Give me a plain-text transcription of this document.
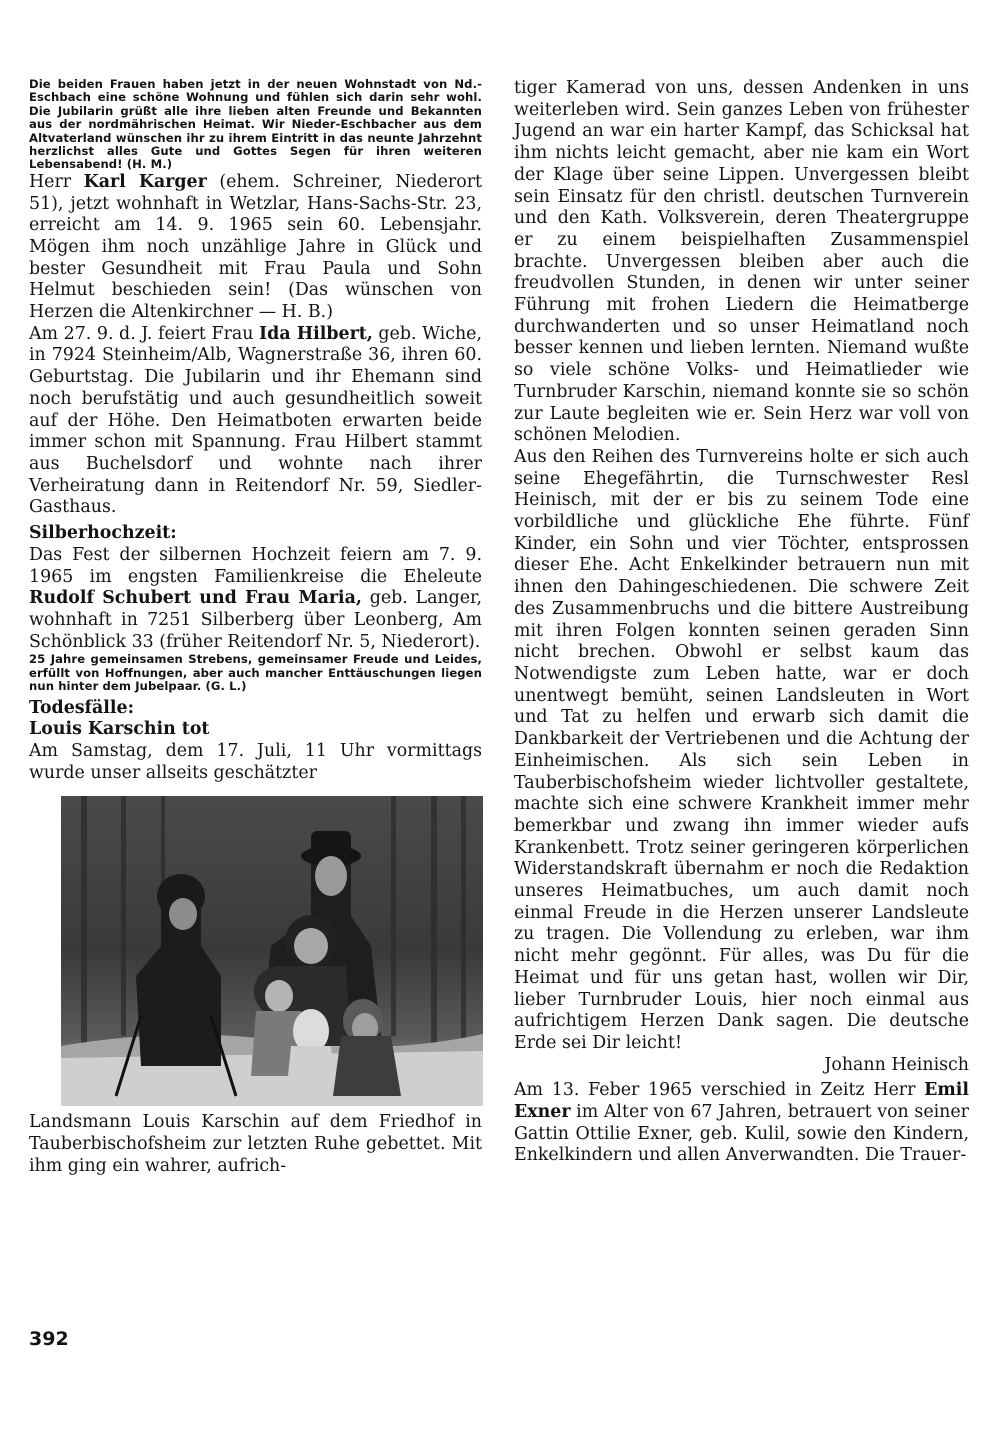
Die beiden Frauen haben jetzt in der neuen Wohnstadt von Nd.-Eschbach eine schöne Wohnung und fühlen sich darin sehr wohl. Die Jubilarin grüßt alle ihre lieben alten Freunde und Bekannten aus der nordmährischen Heimat. Wir Nieder-Eschbacher aus dem Altvaterland wünschen ihr zu ihrem Eintritt in das neunte Jahrzehnt herzlichst alles Gute und Gottes Segen für ihren weiteren Lebensabend! (H. M.)

Herr Karl Karger (ehem. Schreiner, Niederort 51), jetzt wohnhaft in Wetzlar, Hans-Sachs-Str. 23, erreicht am 14. 9. 1965 sein 60. Lebensjahr. Mögen ihm noch unzählige Jahre in Glück und bester Gesundheit mit Frau Paula und Sohn Helmut beschieden sein! (Das wünschen von Herzen die Altenkirchner — H. B.)

Am 27. 9. d. J. feiert Frau Ida Hilbert, geb. Wiche, in 7924 Steinheim/Alb, Wagnerstraße 36, ihren 60. Geburtstag. Die Jubilarin und ihr Ehemann sind noch berufstätig und auch gesundheitlich soweit auf der Höhe. Den Heimatboten erwarten beide immer schon mit Spannung. Frau Hilbert stammt aus Buchelsdorf und wohnte nach ihrer Verheiratung dann in Reitendorf Nr. 59, Siedler-Gasthaus.

Silberhochzeit:

Das Fest der silbernen Hochzeit feiern am 7. 9. 1965 im engsten Familienkreise die Eheleute Rudolf Schubert und Frau Maria, geb. Langer, wohnhaft in 7251 Silberberg über Leonberg, Am Schönblick 33 (früher Reitendorf Nr. 5, Niederort).

25 Jahre gemeinsamen Strebens, gemeinsamer Freude und Leides, erfüllt von Hoffnungen, aber auch mancher Enttäuschungen liegen nun hinter dem Jubelpaar. (G. L.)

Todesfälle:

Louis Karschin tot

Am Samstag, dem 17. Juli, 11 Uhr vormittags wurde unser allseits geschätzter

Landsmann Louis Karschin auf dem Friedhof in Tauberbischofsheim zur letzten Ruhe gebettet. Mit ihm ging ein wahrer, aufrich-

392

tiger Kamerad von uns, dessen Andenken in uns weiterleben wird. Sein ganzes Leben von frühester Jugend an war ein harter Kampf, das Schicksal hat ihm nichts leicht gemacht, aber nie kam ein Wort der Klage über seine Lippen. Unvergessen bleibt sein Einsatz für den christl. deutschen Turnverein und den Kath. Volksverein, deren Theatergruppe er zu einem beispielhaften Zusammenspiel brachte. Unvergessen bleiben aber auch die freudvollen Stunden, in denen wir unter seiner Führung mit frohen Liedern die Heimatberge durchwanderten und so unser Heimatland noch besser kennen und lieben lernten. Niemand wußte so viele schöne Volks- und Heimatlieder wie Turnbruder Karschin, niemand konnte sie so schön zur Laute begleiten wie er. Sein Herz war voll von schönen Melodien.

Aus den Reihen des Turnvereins holte er sich auch seine Ehegefährtin, die Turnschwester Resl Heinisch, mit der er bis zu seinem Tode eine vorbildliche und glückliche Ehe führte. Fünf Kinder, ein Sohn und vier Töchter, entsprossen dieser Ehe. Acht Enkelkinder betrauern nun mit ihnen den Dahingeschiedenen. Die schwere Zeit des Zusammenbruchs und die bittere Austreibung mit ihren Folgen konnten seinen geraden Sinn nicht brechen. Obwohl er selbst kaum das Notwendigste zum Leben hatte, war er doch unentwegt bemüht, seinen Landsleuten in Wort und Tat zu helfen und erwarb sich damit die Dankbarkeit der Vertriebenen und die Achtung der Einheimischen. Als sich sein Leben in Tauberbischofsheim wieder lichtvoller gestaltete, machte sich eine schwere Krankheit immer mehr bemerkbar und zwang ihn immer wieder aufs Krankenbett. Trotz seiner geringeren körperlichen Widerstandskraft übernahm er noch die Redaktion unseres Heimatbuches, um auch damit noch einmal Freude in die Herzen unserer Landsleute zu tragen. Die Vollendung zu erleben, war ihm nicht mehr gegönnt. Für alles, was Du für die Heimat und für uns getan hast, wollen wir Dir, lieber Turnbruder Louis, hier noch einmal aus aufrichtigem Herzen Dank sagen. Die deutsche Erde sei Dir leicht!

Johann Heinisch

Am 13. Feber 1965 verschied in Zeitz Herr Emil Exner im Alter von 67 Jahren, betrauert von seiner Gattin Ottilie Exner, geb. Kulil, sowie den Kindern, Enkelkindern und allen Anverwandten. Die Trauer-
